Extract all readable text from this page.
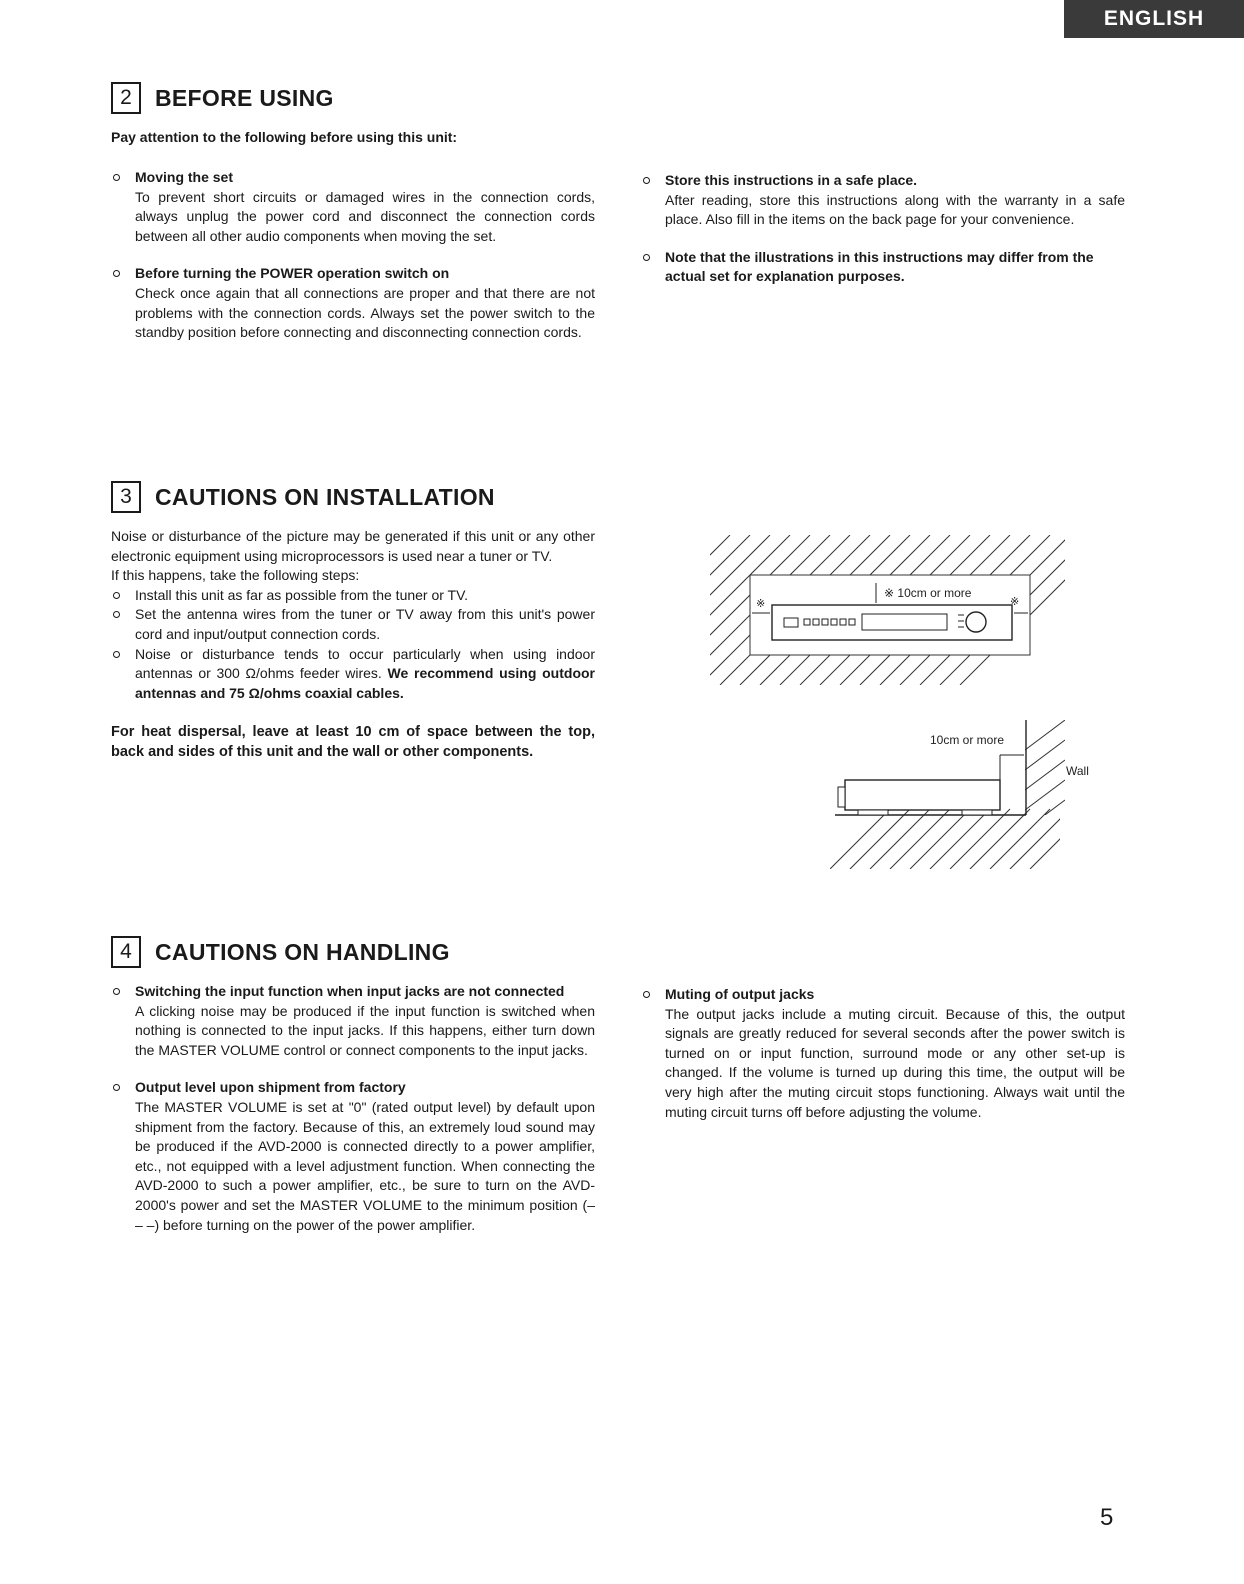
ENGLISH
2	BEFORE USING
Pay attention to the following before using this unit:
Moving the set
To prevent short circuits or damaged wires in the connection cords, always unplug the power cord and disconnect the connection cords between all other audio components when moving the set.
Before turning the POWER operation switch on
Check once again that all connections are proper and that there are not problems with the connection cords. Always set the power switch to the standby position before connecting and disconnecting connection cords.
Store this instructions in a safe place.
After reading, store this instructions along with the warranty in a safe place. Also fill in the items on the back page for your convenience.
Note that the illustrations in this instructions may differ from the actual set for explanation purposes.
3	CAUTIONS ON INSTALLATION

Noise or disturbance of the picture may be generated if this unit or any other electronic equipment using microprocessors is used near a tuner or TV.

If this happens, take the following steps:

Install this unit as far as possible from the tuner or TV.
Set the antenna wires from the tuner or TV away from this unit's power cord and input/output connection cords.
Noise or disturbance tends to occur particularly when using indoor antennas or 300 Ω/ohms feeder wires. We recommend using outdoor antennas and 75 Ω/ohms coaxial cables.

For heat dispersal, leave at least 10 cm of space between the top, back and sides of this unit and the wall or other components.

※ 10cm or more
※	※
10cm or more
Wall
4	CAUTIONS ON HANDLING
Switching the input function when input jacks are not connected
A clicking noise may be produced if the input function is switched when nothing is connected to the input jacks. If this happens, either turn down the MASTER VOLUME control or connect components to the input jacks.
Output level upon shipment from factory
The MASTER VOLUME is set at "0" (rated output level) by default upon shipment from the factory. Because of this, an extremely loud sound may be produced if the AVD-2000 is connected directly to a power amplifier, etc., not equipped with a level adjustment function. When connecting the AVD-2000 to such a power amplifier, etc., be sure to turn on the AVD-2000's power and set the MASTER VOLUME to the minimum position (– – –) before turning on the power of the power amplifier.
Muting of output jacks
The output jacks include a muting circuit. Because of this, the output signals are greatly reduced for several seconds after the power switch is turned on or input function, surround mode or any other set-up is changed. If the volume is turned up during this time, the output will be very high after the muting circuit stops functioning. Always wait until the muting circuit turns off before adjusting the volume.
5
